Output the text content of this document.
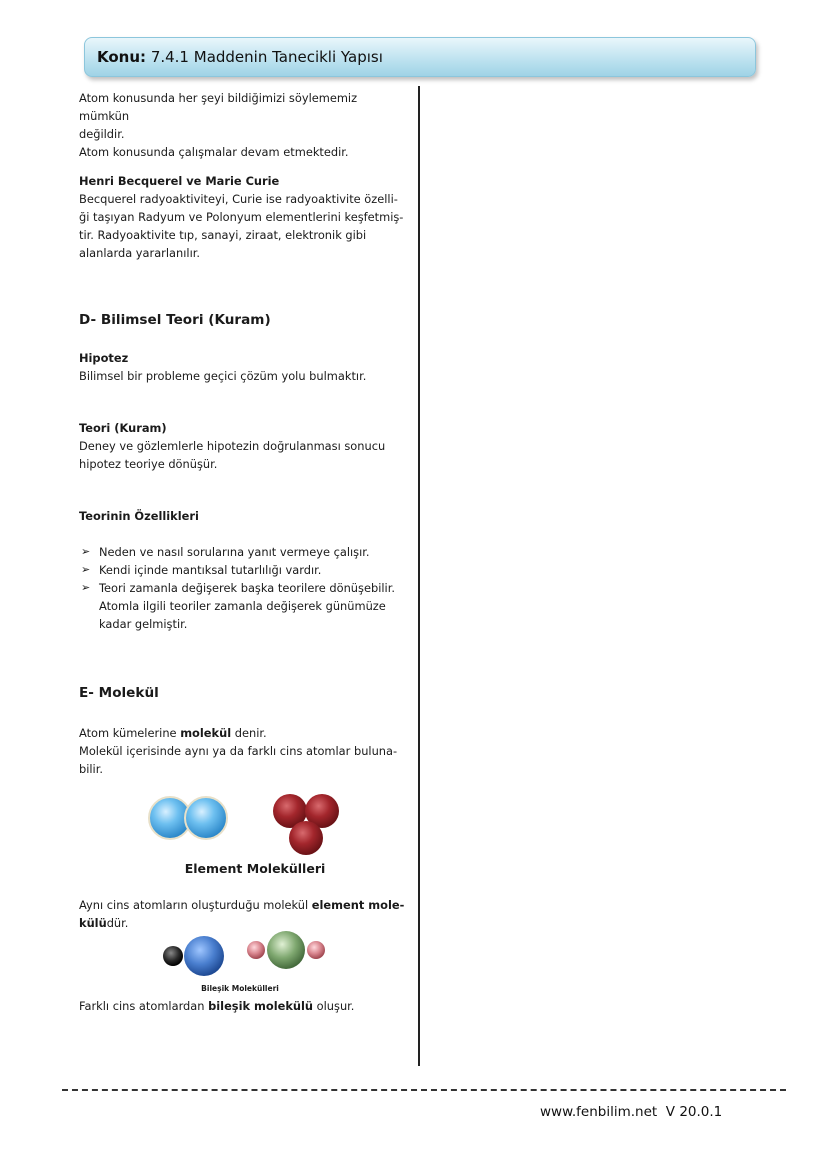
Konu: 7.4.1 Maddenin Tanecikli Yapısı

Atom konusunda her şeyi bildiğimizi söylememiz mümkün

değildir.

Atom konusunda çalışmalar devam etmektedir.

Henri Becquerel ve Marie Curie

Becquerel radyoaktiviteyi, Curie ise radyoaktivite özelli-

ği taşıyan Radyum ve Polonyum elementlerini keşfetmiş-

tir. Radyoaktivite tıp, sanayi, ziraat, elektronik gibi

alanlarda yararlanılır.

D- Bilimsel Teori (Kuram)

Hipotez

Bilimsel bir probleme geçici çözüm yolu bulmaktır.

Teori (Kuram)

Deney ve gözlemlerle hipotezin doğrulanması sonucu

hipotez teoriye dönüşür.

Teorinin Özellikleri

➢ Neden ve nasıl sorularına yanıt vermeye çalışır.
➢ Kendi içinde mantıksal tutarlılığı vardır.
➢ Teori zamanla değişerek başka teorilere dönüşebilir.
Atomla ilgili teoriler zamanla değişerek günümüze
kadar gelmiştir.

E- Molekül

Atom kümelerine molekül denir.

Molekül içerisinde aynı ya da farklı cins atomlar buluna-

bilir.

Element Molekülleri

Aynı cins atomların oluşturduğu molekül element mole-

külüdür.

Bileşik Molekülleri

Farklı cins atomlardan bileşik molekülü oluşur.

www.fenbilim.net  V 20.0.1
